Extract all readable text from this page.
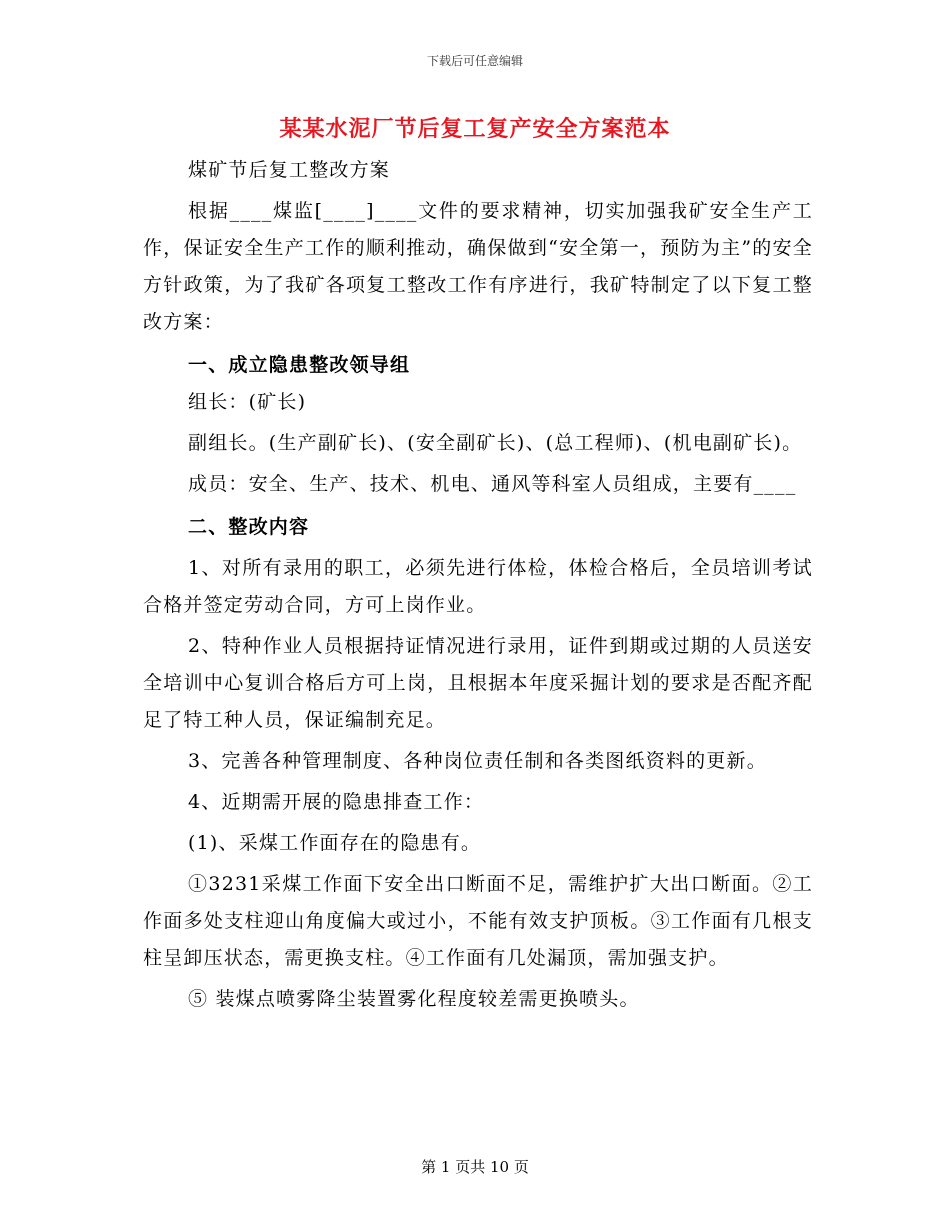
下载后可任意编辑
某某水泥厂节后复工复产安全方案范本

煤矿节后复工整改方案

根据____煤监[____]____文件的要求精神，切实加强我矿安全生产工作，保证安全生产工作的顺利推动，确保做到“安全第一，预防为主”的安全方针政策，为了我矿各项复工整改工作有序进行，我矿特制定了以下复工整改方案：

一、成立隐患整改领导组

组长：(矿长)

副组长。(生产副矿长)、(安全副矿长)、(总工程师)、(机电副矿长)。

成员：安全、生产、技术、机电、通风等科室人员组成，主要有____

二、整改内容

1、对所有录用的职工，必须先进行体检，体检合格后，全员培训考试合格并签定劳动合同，方可上岗作业。

2、特种作业人员根据持证情况进行录用，证件到期或过期的人员送安全培训中心复训合格后方可上岗，且根据本年度采掘计划的要求是否配齐配足了特工种人员，保证编制充足。

3、完善各种管理制度、各种岗位责任制和各类图纸资料的更新。

4、近期需开展的隐患排查工作：

(1)、采煤工作面存在的隐患有。

①3231采煤工作面下安全出口断面不足，需维护扩大出口断面。②工作面多处支柱迎山角度偏大或过小，不能有效支护顶板。③工作面有几根支柱呈卸压状态，需更换支柱。④工作面有几处漏顶，需加强支护。

⑤ 装煤点喷雾降尘装置雾化程度较差需更换喷头。

第 1 页共 10 页
